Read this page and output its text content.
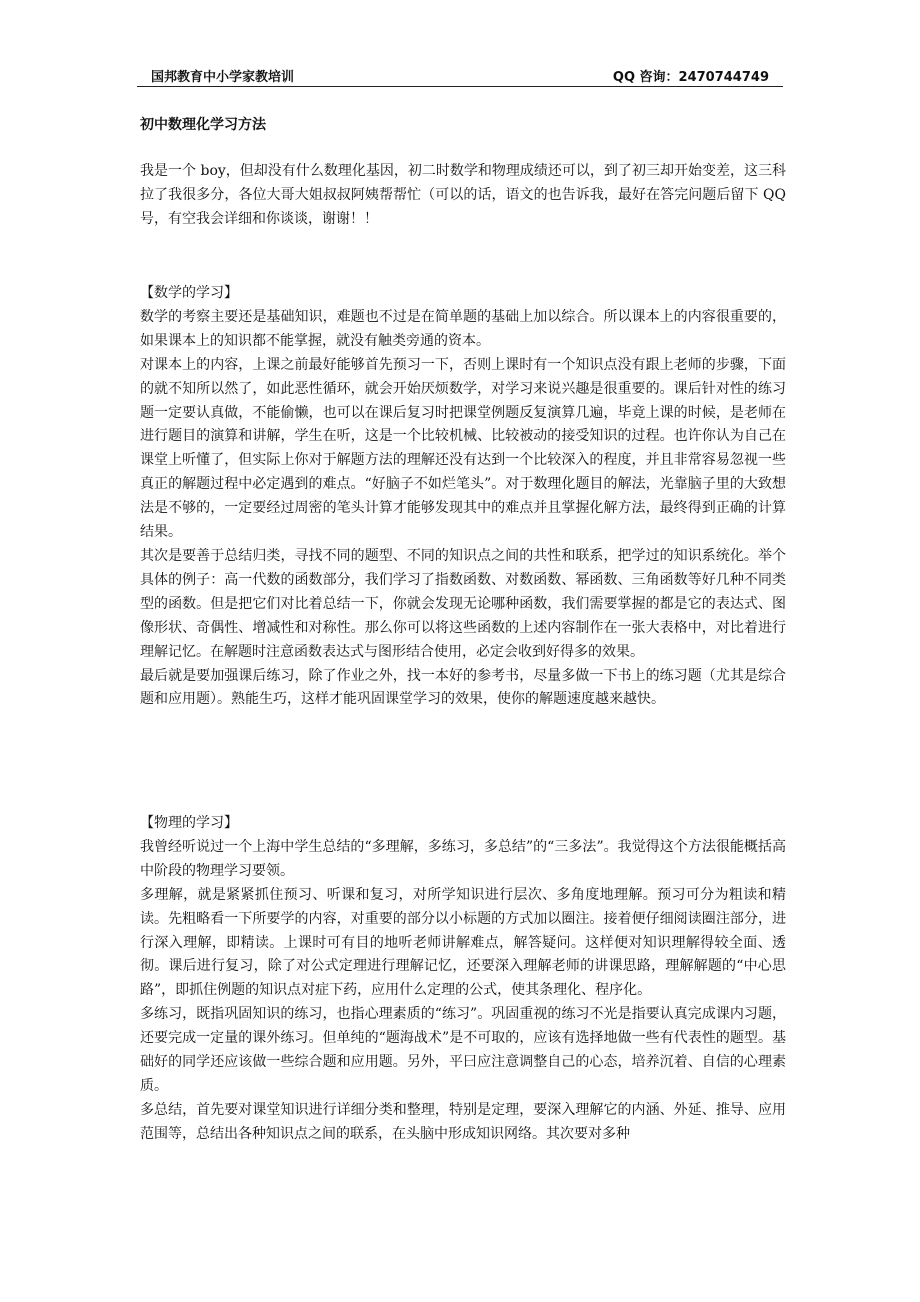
国邦教育中小学家教培训	QQ 咨询：2470744749
初中数理化学习方法

我是一个 boy，但却没有什么数理化基因，初二时数学和物理成绩还可以，到了初三却开始变差，这三科拉了我很多分，各位大哥大姐叔叔阿姨帮帮忙（可以的话，语文的也告诉我，最好在答完问题后留下 QQ 号，有空我会详细和你谈谈，谢谢！！

【数学的学习】

数学的考察主要还是基础知识，难题也不过是在简单题的基础上加以综合。所以课本上的内容很重要的，如果课本上的知识都不能掌握，就没有触类旁通的资本。

对课本上的内容，上课之前最好能够首先预习一下，否则上课时有一个知识点没有跟上老师的步骤，下面的就不知所以然了，如此恶性循环，就会开始厌烦数学，对学习来说兴趣是很重要的。课后针对性的练习题一定要认真做，不能偷懒，也可以在课后复习时把课堂例题反复演算几遍，毕竟上课的时候，是老师在进行题目的演算和讲解，学生在听，这是一个比较机械、比较被动的接受知识的过程。也许你认为自己在课堂上听懂了，但实际上你对于解题方法的理解还没有达到一个比较深入的程度，并且非常容易忽视一些真正的解题过程中必定遇到的难点。“好脑子不如烂笔头”。对于数理化题目的解法，光靠脑子里的大致想法是不够的，一定要经过周密的笔头计算才能够发现其中的难点并且掌握化解方法，最终得到正确的计算结果。

其次是要善于总结归类，寻找不同的题型、不同的知识点之间的共性和联系，把学过的知识系统化。举个具体的例子：高一代数的函数部分，我们学习了指数函数、对数函数、幂函数、三角函数等好几种不同类型的函数。但是把它们对比着总结一下，你就会发现无论哪种函数，我们需要掌握的都是它的表达式、图像形状、奇偶性、增减性和对称性。那么你可以将这些函数的上述内容制作在一张大表格中，对比着进行理解记忆。在解题时注意函数表达式与图形结合使用，必定会收到好得多的效果。

最后就是要加强课后练习，除了作业之外，找一本好的参考书，尽量多做一下书上的练习题（尤其是综合题和应用题）。熟能生巧，这样才能巩固课堂学习的效果，使你的解题速度越来越快。

【物理的学习】

我曾经听说过一个上海中学生总结的“多理解，多练习，多总结”的“三多法”。我觉得这个方法很能概括高中阶段的物理学习要领。

多理解，就是紧紧抓住预习、听课和复习，对所学知识进行层次、多角度地理解。预习可分为粗读和精读。先粗略看一下所要学的内容，对重要的部分以小标题的方式加以圈注。接着便仔细阅读圈注部分，进行深入理解，即精读。上课时可有目的地听老师讲解难点，解答疑问。这样便对知识理解得较全面、透彻。课后进行复习，除了对公式定理进行理解记忆，还要深入理解老师的讲课思路，理解解题的“中心思路”，即抓住例题的知识点对症下药，应用什么定理的公式，使其条理化、程序化。

多练习，既指巩固知识的练习，也指心理素质的“练习”。巩固重视的练习不光是指要认真完成课内习题，还要完成一定量的课外练习。但单纯的“题海战术”是不可取的，应该有选择地做一些有代表性的题型。基础好的同学还应该做一些综合题和应用题。另外，平曰应注意调整自己的心态，培养沉着、自信的心理素质。

多总结，首先要对课堂知识进行详细分类和整理，特别是定理，要深入理解它的内涵、外延、推导、应用范围等，总结出各种知识点之间的联系，在头脑中形成知识网络。其次要对多种
